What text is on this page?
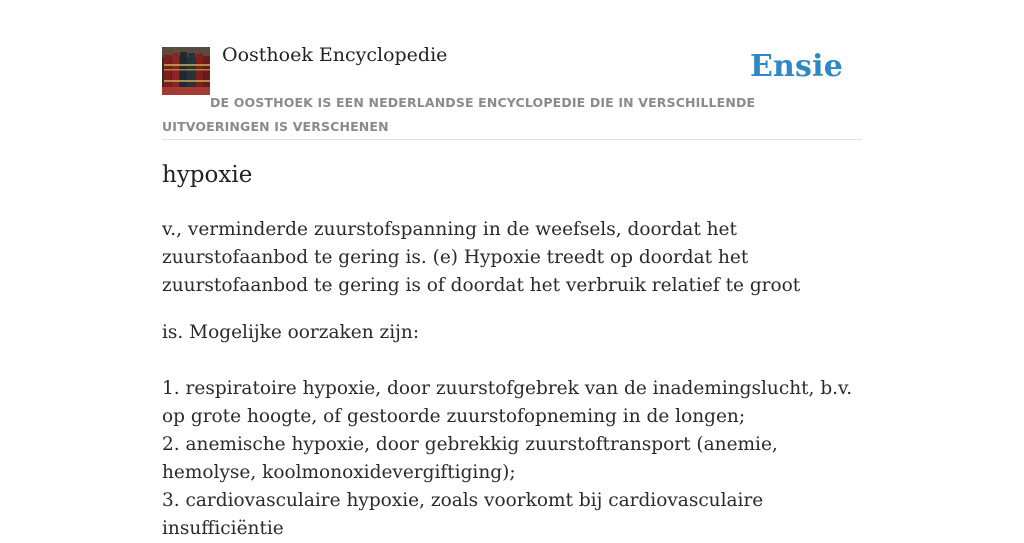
Oosthoek Encyclopedie	Ensie
DE OOSTHOEK IS EEN NEDERLANDSE ENCYCLOPEDIE DIE IN VERSCHILLENDE UITVOERINGEN IS VERSCHENEN
hypoxie

v., verminderde zuurstofspanning in de weefsels, doordat het zuurstofaanbod te gering is. (e) Hypoxie treedt op doordat het zuurstofaanbod te gering is of doordat het verbruik relatief te groot

is. Mogelijke oorzaken zijn:
1. respiratoire hypoxie, door zuurstofgebrek van de inademingslucht, b.v. op grote hoogte, of gestoorde zuurstofopneming in de longen;
2. anemische hypoxie, door gebrekkig zuurstoftransport (anemie, hemolyse, koolmonoxidevergiftiging);
3. cardiovasculaire hypoxie, zoals voorkomt bij cardiovasculaire insufficiëntie
